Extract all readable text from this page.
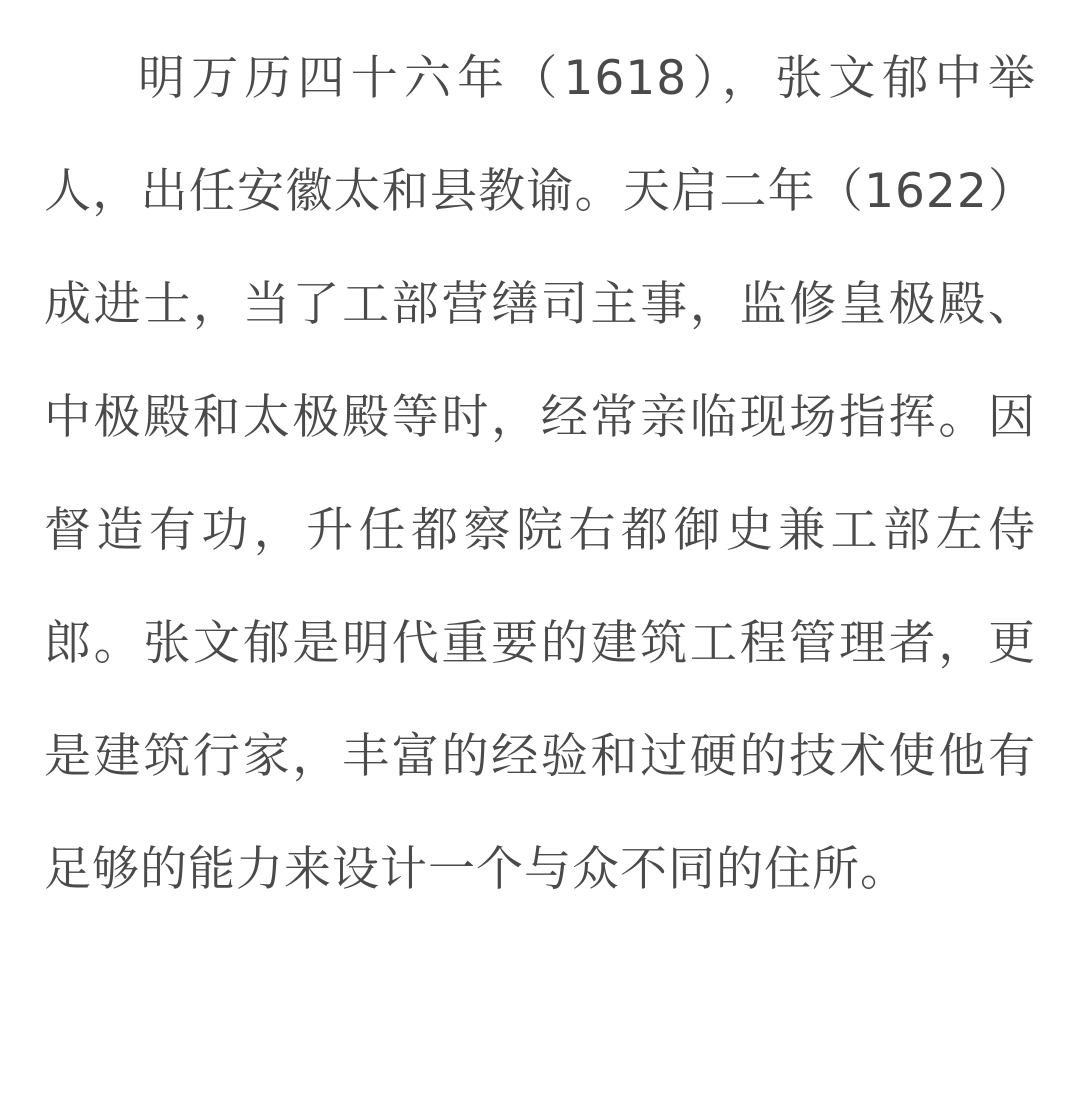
明万历四十六年（1618），张文郁中举人，出任安徽太和县教谕。天启二年（1622）成进士，当了工部营缮司主事，监修皇极殿、中极殿和太极殿等时，经常亲临现场指挥。因督造有功，升任都察院右都御史兼工部左侍郎。张文郁是明代重要的建筑工程管理者，更是建筑行家，丰富的经验和过硬的技术使他有足够的能力来设计一个与众不同的住所。
